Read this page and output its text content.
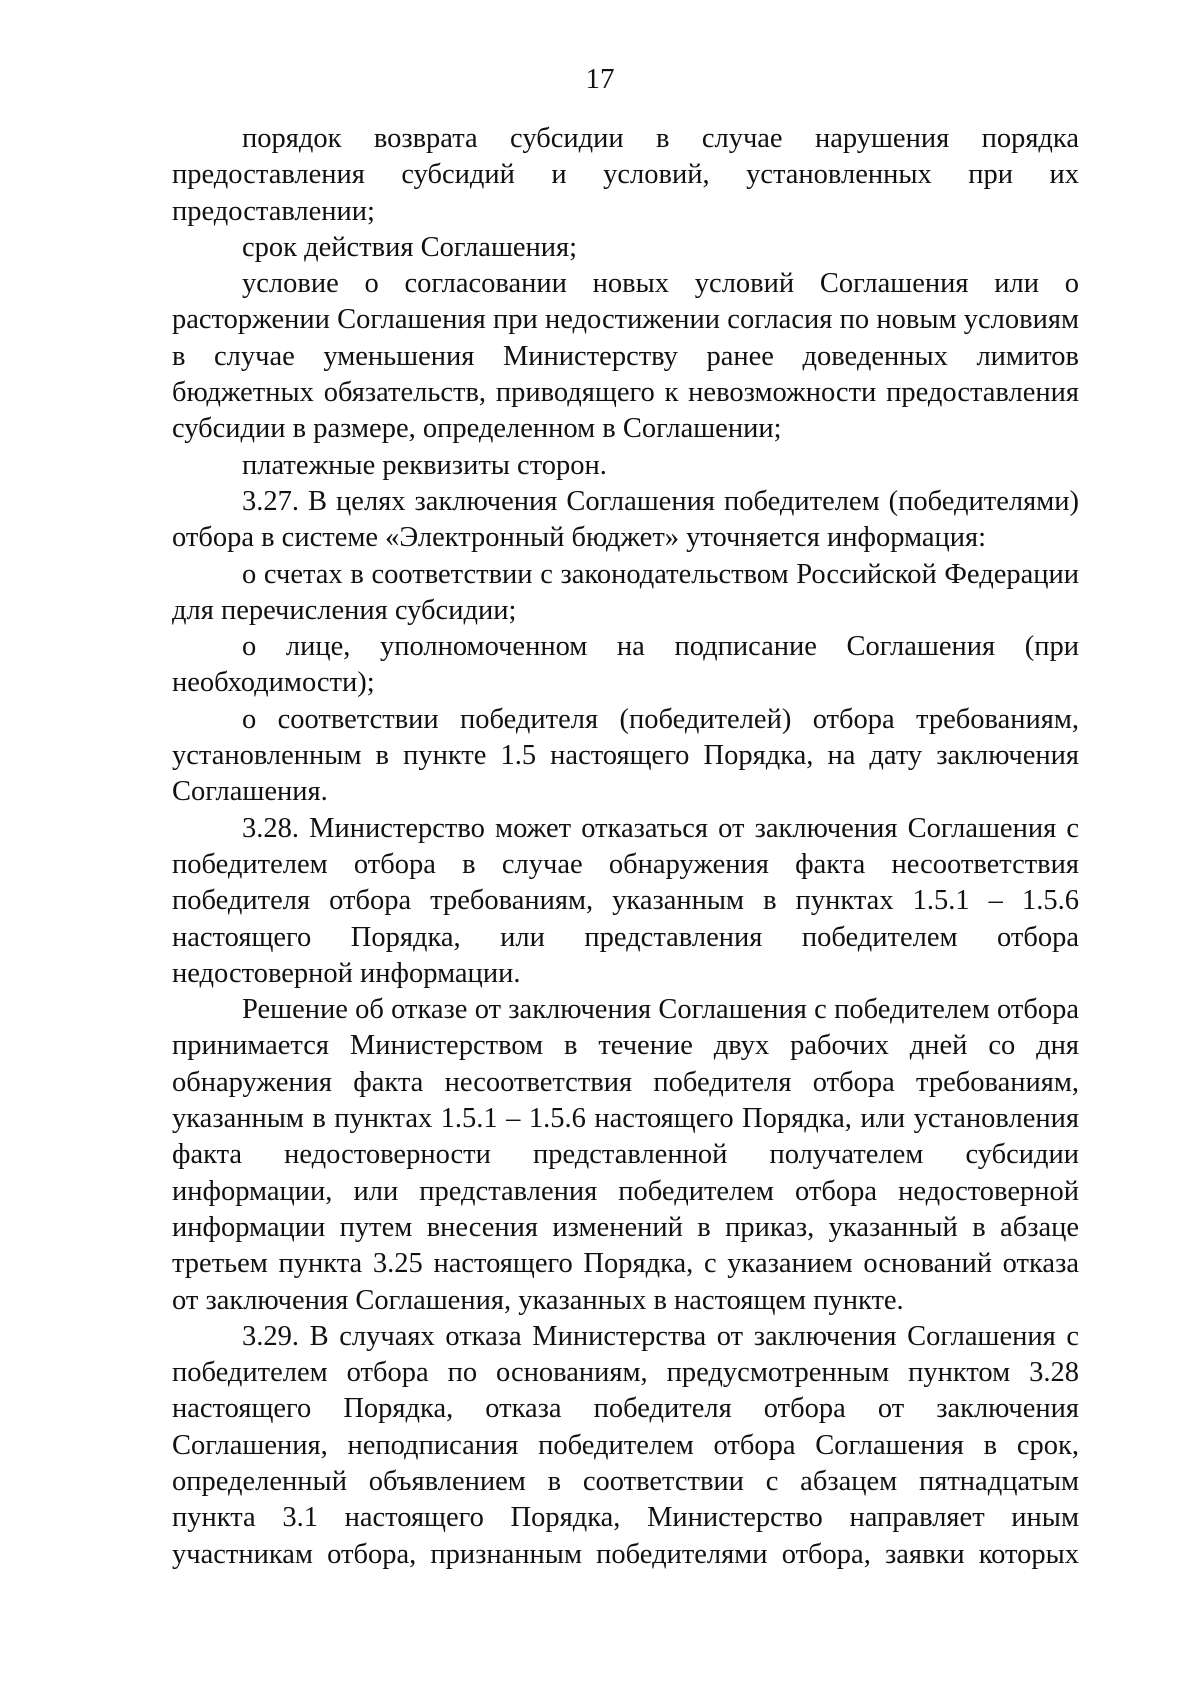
17

порядок возврата субсидии в случае нарушения порядка предоставления субсидий и условий, установленных при их предоставлении;

срок действия Соглашения;

условие о согласовании новых условий Соглашения или о расторжении Соглашения при недостижении согласия по новым условиям в случае уменьшения Министерству ранее доведенных лимитов бюджетных обязательств, приводящего к невозможности предоставления субсидии в размере, определенном в Соглашении;

платежные реквизиты сторон.

3.27. В целях заключения Соглашения победителем (победителями) отбора в системе «Электронный бюджет» уточняется информация:

о счетах в соответствии с законодательством Российской Федерации для перечисления субсидии;

о лице, уполномоченном на подписание Соглашения (при необходимости);

о соответствии победителя (победителей) отбора требованиям, установленным в пункте 1.5 настоящего Порядка, на дату заключения Соглашения.

3.28. Министерство может отказаться от заключения Соглашения с победителем отбора в случае обнаружения факта несоответствия победителя отбора требованиям, указанным в пунктах 1.5.1 – 1.5.6 настоящего Порядка, или представления победителем отбора недостоверной информации.

Решение об отказе от заключения Соглашения с победителем отбора принимается Министерством в течение двух рабочих дней со дня обнаружения факта несоответствия победителя отбора требованиям, указанным в пунктах 1.5.1 – 1.5.6 настоящего Порядка, или установления факта недостоверности представленной получателем субсидии информации, или представления победителем отбора недостоверной информации путем внесения изменений в приказ, указанный в абзаце третьем пункта 3.25 настоящего Порядка, с указанием оснований отказа от заключения Соглашения, указанных в настоящем пункте.

3.29. В случаях отказа Министерства от заключения Соглашения с победителем отбора по основаниям, предусмотренным пунктом 3.28 настоящего Порядка, отказа победителя отбора от заключения Соглашения, неподписания победителем отбора Соглашения в срок, определенный объявлением в соответствии с абзацем пятнадцатым пункта 3.1 настоящего Порядка, Министерство направляет иным участникам отбора, признанным победителями отбора, заявки которых
